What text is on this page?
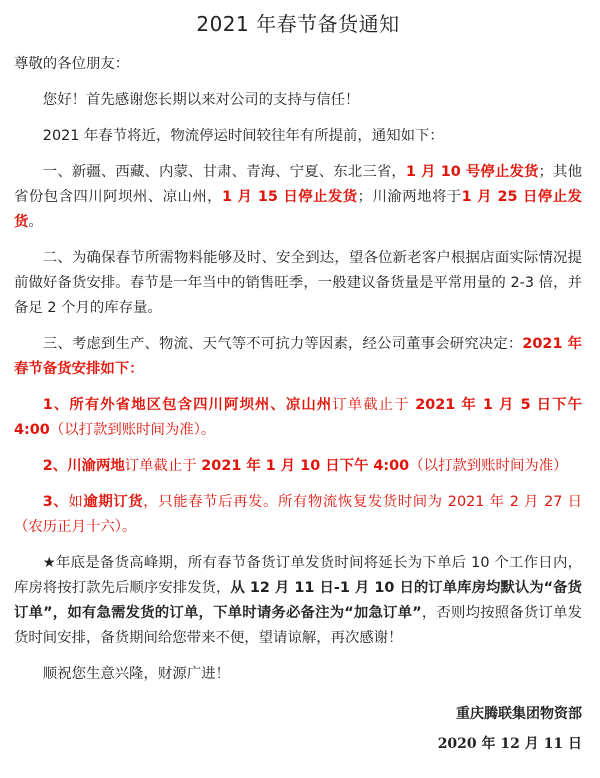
2021 年春节备货通知

尊敬的各位朋友：

您好！首先感谢您长期以来对公司的支持与信任！

2021 年春节将近，物流停运时间较往年有所提前，通知如下：

一、新疆、西藏、内蒙、甘肃、青海、宁夏、东北三省，1 月 10 号停止发货；其他省份包含四川阿坝州、凉山州，1 月 15 日停止发货；川渝两地将于1 月 25 日停止发货。

二、为确保春节所需物料能够及时、安全到达，望各位新老客户根据店面实际情况提前做好备货安排。春节是一年当中的销售旺季，一般建议备货量是平常用量的 2-3 倍，并备足 2 个月的库存量。

三、考虑到生产、物流、天气等不可抗力等因素，经公司董事会研究决定：2021 年春节备货安排如下：

1、所有外省地区包含四川阿坝州、凉山州订单截止于 2021 年 1 月 5 日下午 4:00（以打款到账时间为准）。

2、川渝两地订单截止于 2021 年 1 月 10 日下午 4:00（以打款到账时间为准）

3、如逾期订货，只能春节后再发。所有物流恢复发货时间为 2021 年 2 月 27 日（农历正月十六）。

★年底是备货高峰期，所有春节备货订单发货时间将延长为下单后 10 个工作日内，库房将按打款先后顺序安排发货，从 12 月 11 日-1 月 10 日的订单库房均默认为“备货订单”，如有急需发货的订单，下单时请务必备注为“加急订单”，否则均按照备货订单发货时间安排，备货期间给您带来不便，望请谅解，再次感谢！

顺祝您生意兴隆，财源广进！

重庆腾联集团物资部
2020 年 12 月 11 日
